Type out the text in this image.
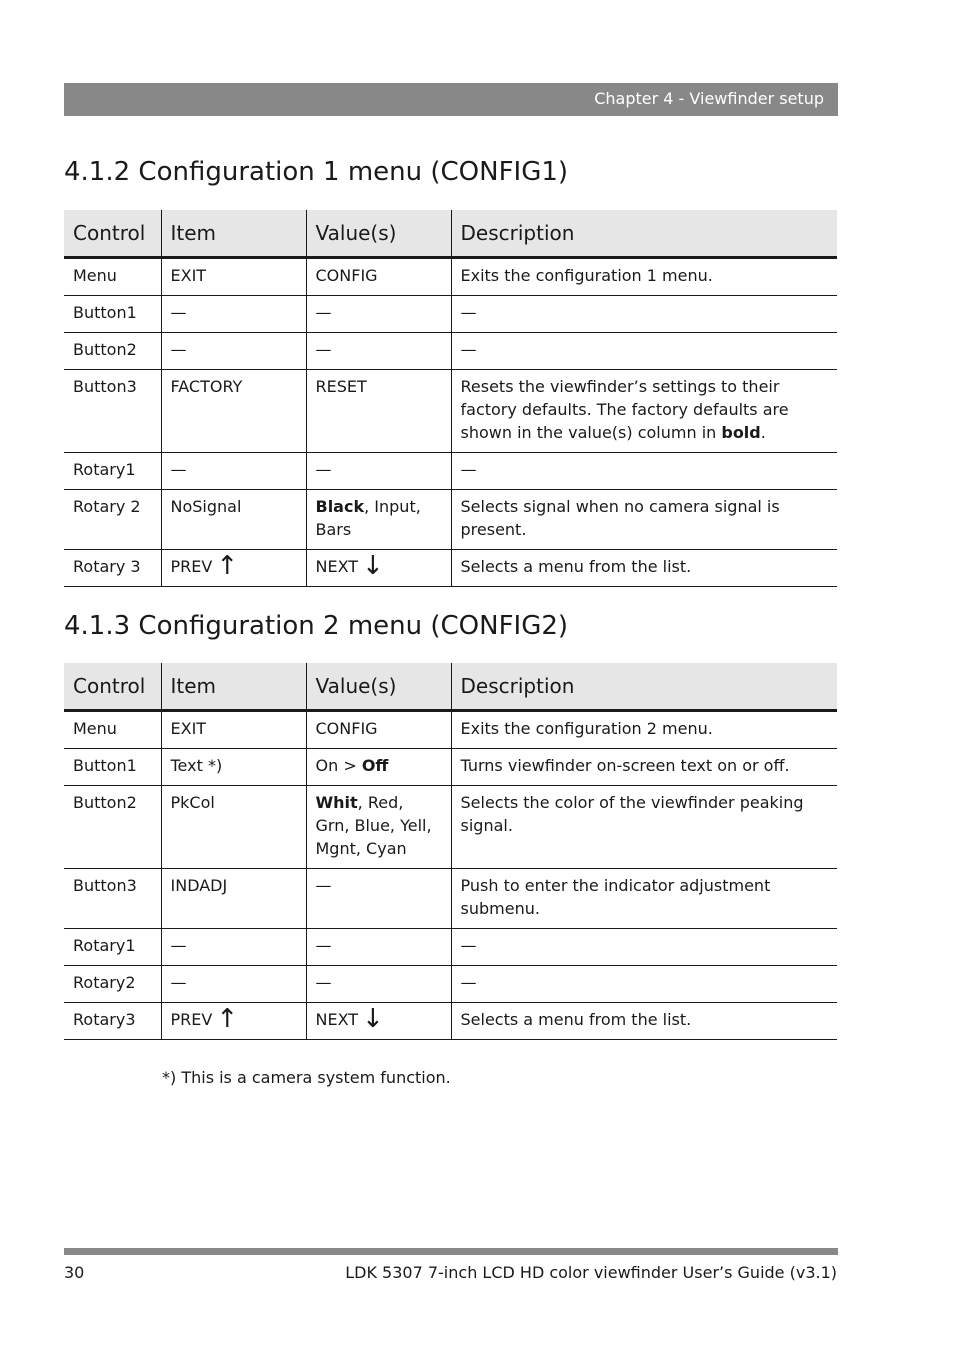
Chapter 4 - Viewfinder setup
4.1.2 Configuration 1 menu (CONFIG1)
Control	Item	Value(s)	Description
Menu	EXIT	CONFIG	Exits the configuration 1 menu.
Button1	—	—	—
Button2	—	—	—
Button3	FACTORY	RESET	Resets the viewfinder’s settings to their factory defaults. The factory defaults are shown in the value(s) column in bold.
Rotary1	—	—	—
Rotary 2	NoSignal	Black, Input, Bars	Selects signal when no camera signal is present.
Rotary 3	PREV ↑	NEXT ↓	Selects a menu from the list.
4.1.3 Configuration 2 menu (CONFIG2)
Control	Item	Value(s)	Description
Menu	EXIT	CONFIG	Exits the configuration 2 menu.
Button1	Text *)	On > Off	Turns viewfinder on-screen text on or off.
Button2	PkCol	Whit, Red, Grn, Blue, Yell, Mgnt, Cyan	Selects the color of the viewfinder peaking signal.
Button3	INDADJ	—	Push to enter the indicator adjustment submenu.
Rotary1	—	—	—
Rotary2	—	—	—
Rotary3	PREV ↑	NEXT ↓	Selects a menu from the list.
*) This is a camera system function.
30	LDK 5307 7-inch LCD HD color viewfinder User’s Guide (v3.1)
